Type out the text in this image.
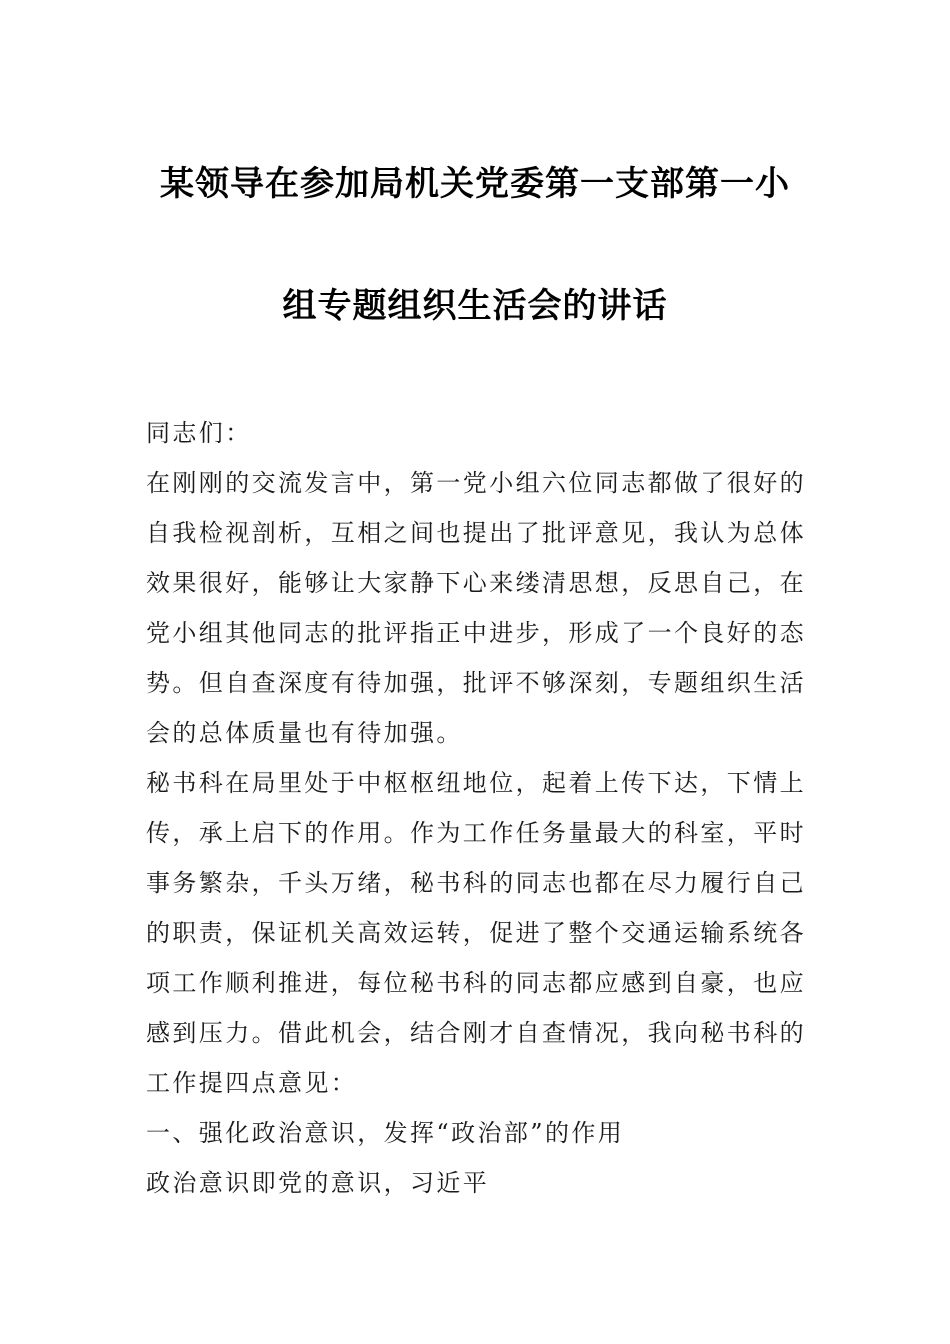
某领导在参加局机关党委第一支部第一小
组专题组织生活会的讲话

同志们：

在刚刚的交流发言中，第一党小组六位同志都做了很好的自我检视剖析，互相之间也提出了批评意见，我认为总体效果很好，能够让大家静下心来缕清思想，反思自己，在党小组其他同志的批评指正中进步，形成了一个良好的态势。但自查深度有待加强，批评不够深刻，专题组织生活会的总体质量也有待加强。

秘书科在局里处于中枢枢纽地位，起着上传下达，下情上传，承上启下的作用。作为工作任务量最大的科室，平时事务繁杂，千头万绪，秘书科的同志也都在尽力履行自己的职责，保证机关高效运转，促进了整个交通运输系统各项工作顺利推进，每位秘书科的同志都应感到自豪，也应感到压力。借此机会，结合刚才自查情况，我向秘书科的工作提四点意见：

一、强化政治意识，发挥“政治部”的作用

政治意识即党的意识，习近平
